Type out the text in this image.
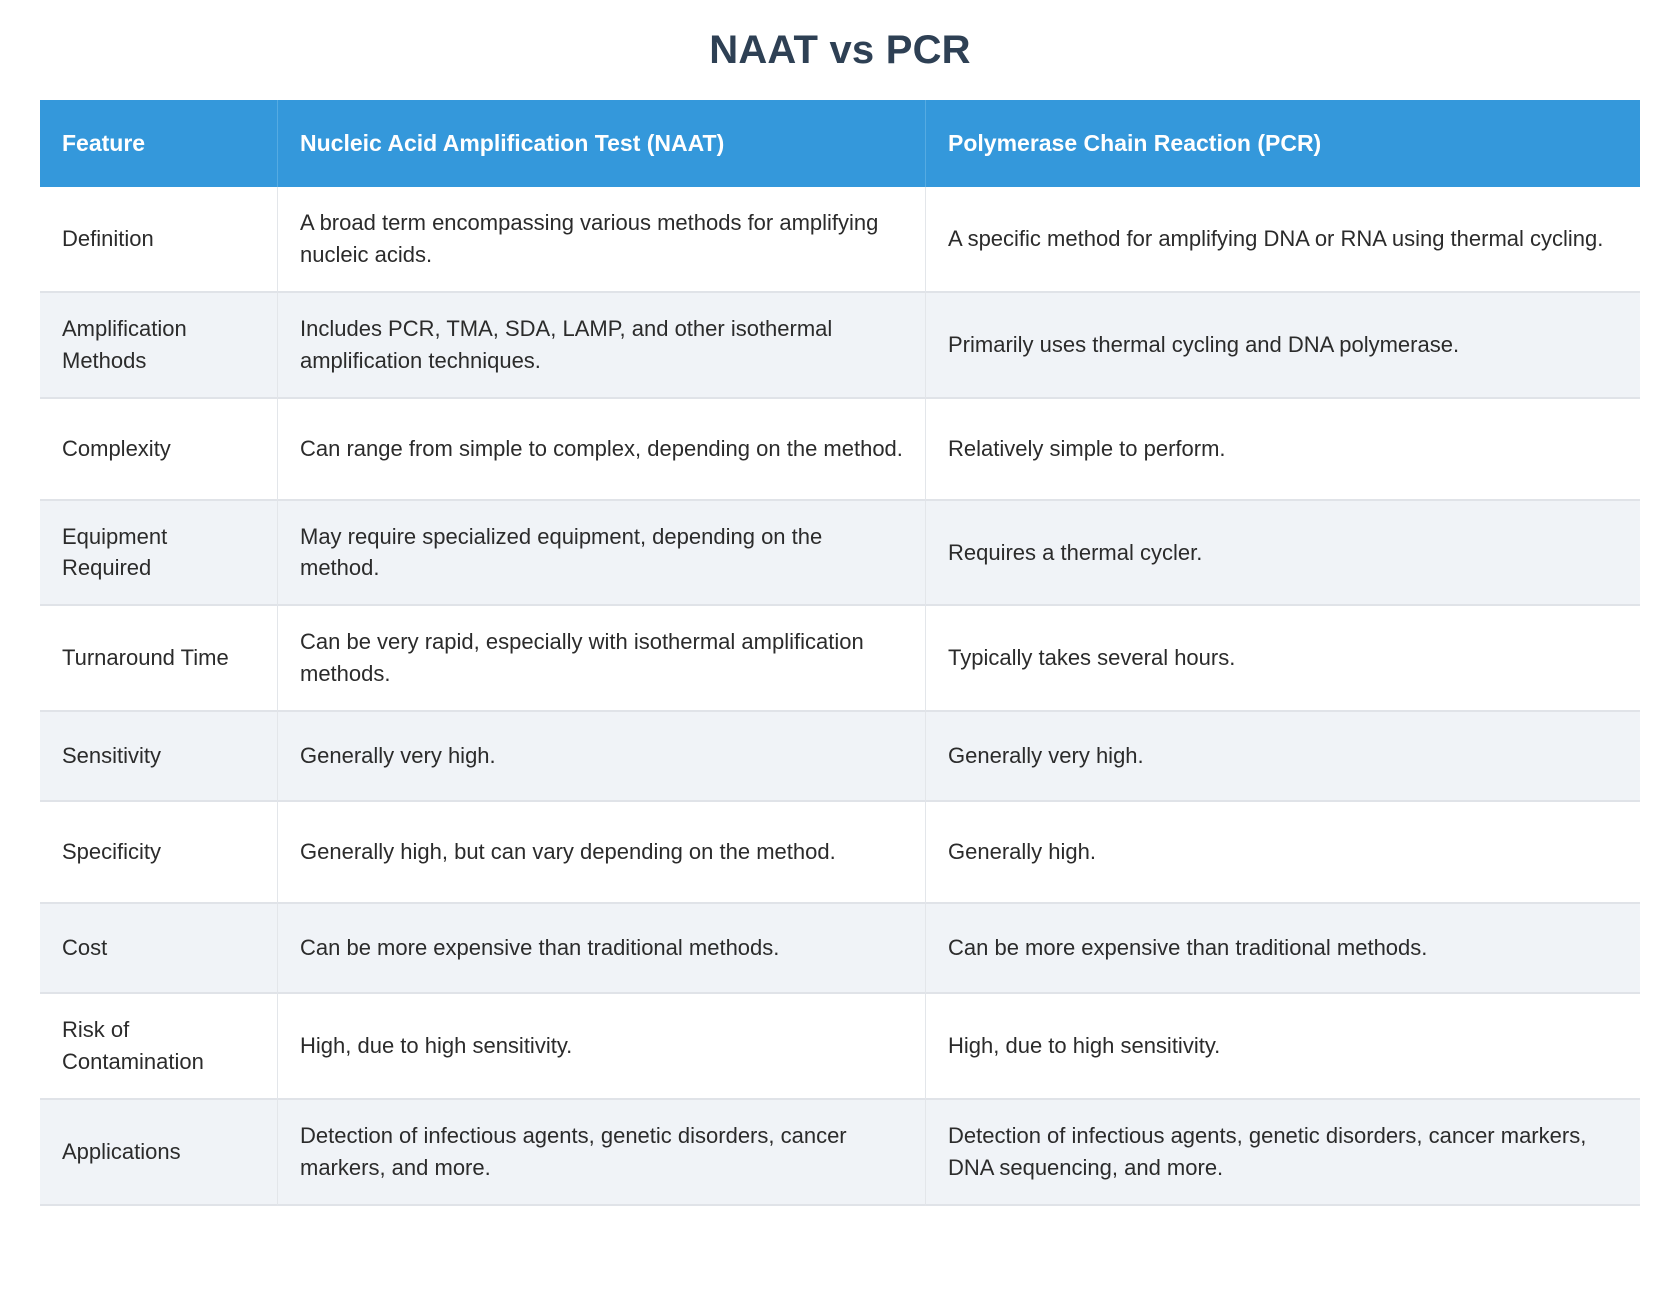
NAAT vs PCR
Feature	Nucleic Acid Amplification Test (NAAT)	Polymerase Chain Reaction (PCR)
Definition	A broad term encompassing various methods for amplifying nucleic acids.	A specific method for amplifying DNA or RNA using thermal cycling.
Amplification Methods	Includes PCR, TMA, SDA, LAMP, and other isothermal amplification techniques.	Primarily uses thermal cycling and DNA polymerase.
Complexity	Can range from simple to complex, depending on the method.	Relatively simple to perform.
Equipment Required	May require specialized equipment, depending on the method.	Requires a thermal cycler.
Turnaround Time	Can be very rapid, especially with isothermal amplification methods.	Typically takes several hours.
Sensitivity	Generally very high.	Generally very high.
Specificity	Generally high, but can vary depending on the method.	Generally high.
Cost	Can be more expensive than traditional methods.	Can be more expensive than traditional methods.
Risk of Contamination	High, due to high sensitivity.	High, due to high sensitivity.
Applications	Detection of infectious agents, genetic disorders, cancer markers, and more.	Detection of infectious agents, genetic disorders, cancer markers, DNA sequencing, and more.
